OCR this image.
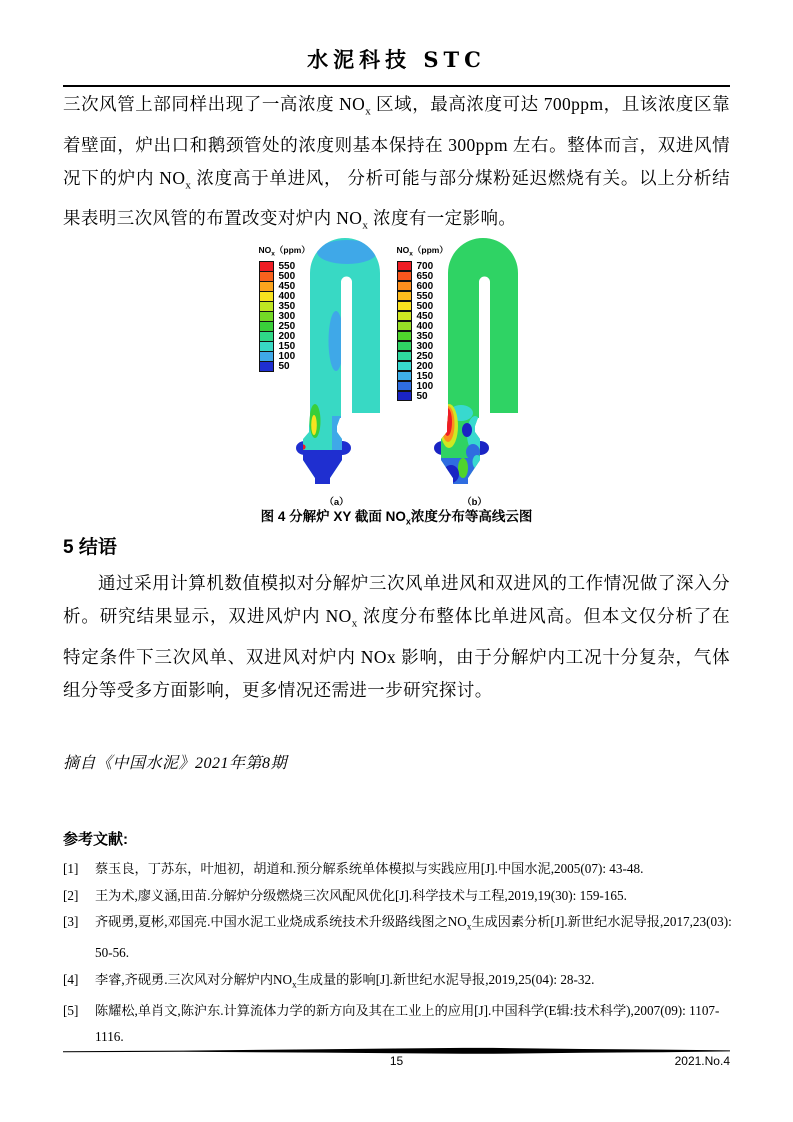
水泥科技 STC
三次风管上部同样出现了一高浓度 $NO_x$ 区域，最高浓度可达 700ppm，且该浓度区靠着壁面，炉出口和鹅颈管处的浓度则基本保持在 300ppm 左右。整体而言，双进风情况下的炉内 $NO_x$ 浓度高于单进风， 分析可能与部分煤粉延迟燃烧有关。以上分析结果表明三次风管的布置改变对炉内 $NO_x$ 浓度有一定影响。
$NO_x(ppm)$
550
500
450
400
350
300
250
200
150
100
50
（a）
$NO_x(ppm)$
700
650
600
550
500
450
400
350
300
250
200
150
100
50
（b）
图 4 分解炉 XY 截面 $NO_x$浓度分布等高线云图
5 结语
通过采用计算机数值模拟对分解炉三次风单进风和双进风的工作情况做了深入分析。研究结果显示，双进风炉内 $NO_x$ 浓度分布整体比单进风高。但本文仅分析了在特定条件下三次风单、双进风对炉内 NOx 影响，由于分解炉内工况十分复杂，气体组分等受多方面影响，更多情况还需进一步研究探讨。
摘自《中国水泥》2021年第8期
参考文献:
[1]	蔡玉良，丁苏东，叶旭初，胡道和.预分解系统单体模拟与实践应用[J].中国水泥,2005(07): 43-48.
[2]	王为术,廖义涵,田苗.分解炉分级燃烧三次风配风优化[J].科学技术与工程,2019,19(30): 159-165.
[3]	齐砚勇,夏彬,邓国亮.中国水泥工业烧成系统技术升级路线图之$NO_x$生成因素分析[J].新世纪水泥导报,2017,23(03): 50-56.
[4]	李睿,齐砚勇.三次风对分解炉内$NO_x$生成量的影响[J].新世纪水泥导报,2019,25(04): 28-32.
[5]	陈耀松,单肖文,陈沪东.计算流体力学的新方向及其在工业上的应用[J].中国科学(E辑:技术科学),2007(09): 1107-1116.
15	2021.No.4
